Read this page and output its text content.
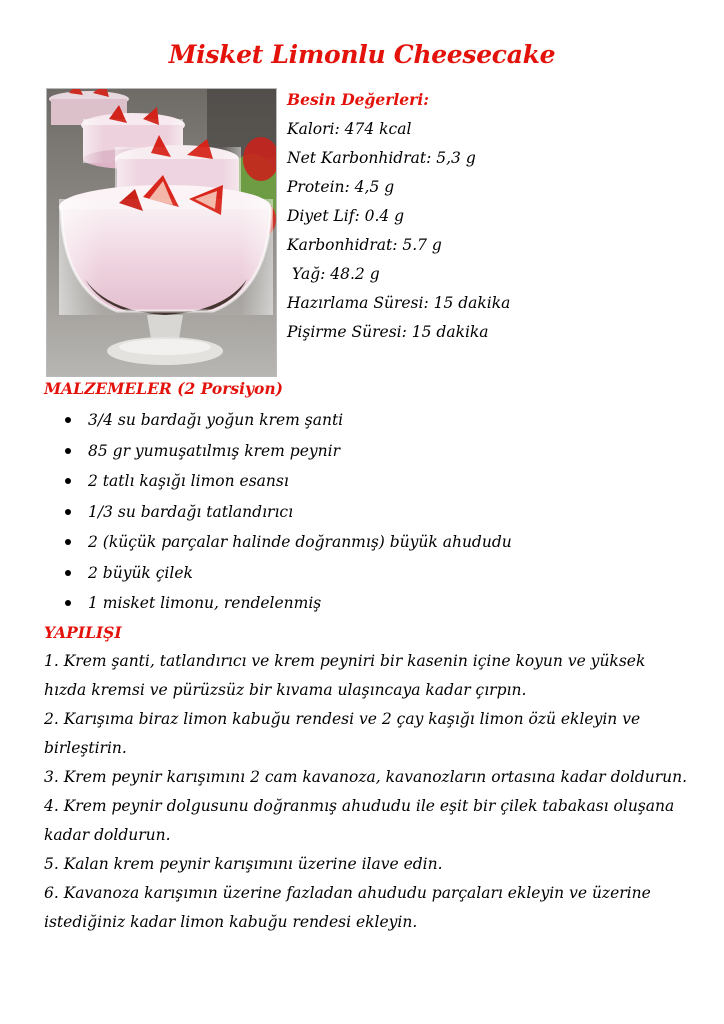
Misket Limonlu Cheesecake
Besin Değerleri:
Kalori: 474 kcal
Net Karbonhidrat: 5,3 g
Protein: 4,5 g
Diyet Lif: 0.4 g
Karbonhidrat: 5.7 g
Yağ: 48.2 g
Hazırlama Süresi: 15 dakika
Pişirme Süresi: 15 dakika
MALZEMELER (2 Porsiyon)
3/4 su bardağı yoğun krem şanti
85 gr yumuşatılmış krem peynir
2 tatlı kaşığı limon esansı
1/3 su bardağı tatlandırıcı
2 (küçük parçalar halinde doğranmış) büyük ahududu
2 büyük çilek
1 misket limonu, rendelenmiş
YAPILIŞI

1. Krem şanti, tatlandırıcı ve krem peyniri bir kasenin içine koyun ve yüksek hızda kremsi ve pürüzsüz bir kıvama ulaşıncaya kadar çırpın.

2. Karışıma biraz limon kabuğu rendesi ve 2 çay kaşığı limon özü ekleyin ve birleştirin.

3. Krem peynir karışımını 2 cam kavanoza, kavanozların ortasına kadar doldurun.

4. Krem peynir dolgusunu doğranmış ahududu ile eşit bir çilek tabakası oluşana kadar doldurun.

5. Kalan krem peynir karışımını üzerine ilave edin.

6. Kavanoza karışımın üzerine fazladan ahududu parçaları ekleyin ve üzerine istediğiniz kadar limon kabuğu rendesi ekleyin.
